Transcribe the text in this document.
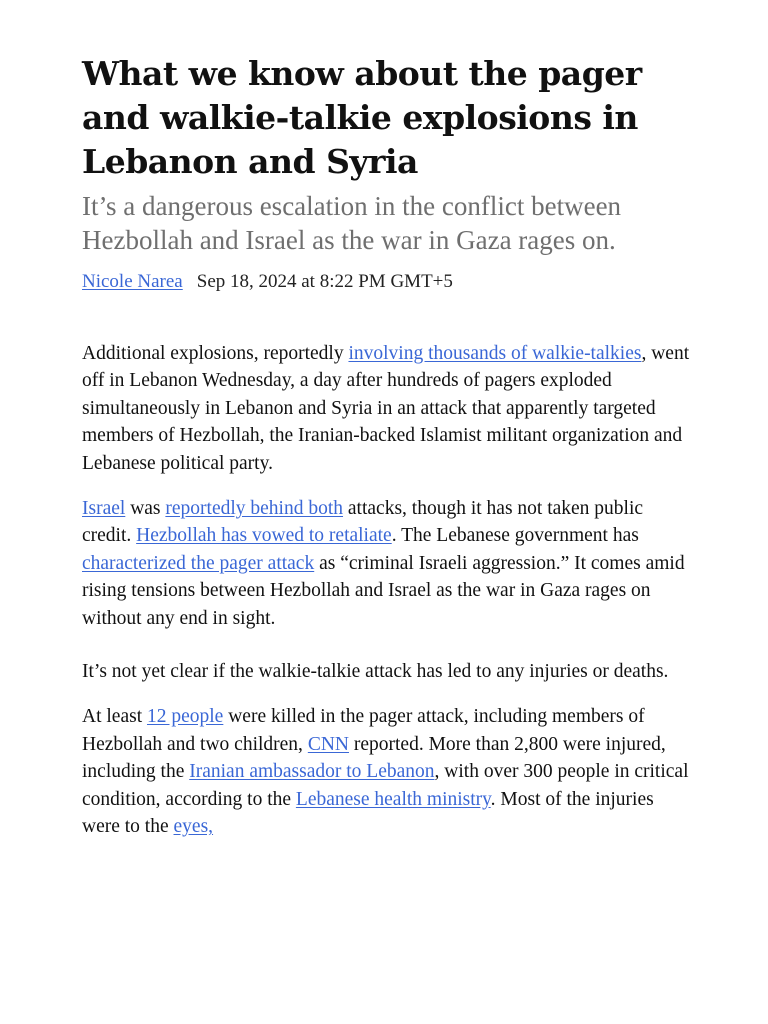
What we know about the pager and walkie-talkie explosions in Lebanon and Syria

It’s a dangerous escalation in the conflict between Hezbollah and Israel as the war in Gaza rages on.

Nicole Narea Sep 18, 2024 at 8:22 PM GMT+5

Additional explosions, reportedly involving thousands of walkie-talkies, went off in Lebanon Wednesday, a day after hundreds of pagers exploded simultaneously in Lebanon and Syria in an attack that apparently targeted members of Hezbollah, the Iranian-backed Islamist militant organization and Lebanese political party.

Israel was reportedly behind both attacks, though it has not taken public credit. Hezbollah has vowed to retaliate. The Lebanese government has characterized the pager attack as “criminal Israeli aggression.” It comes amid rising tensions between Hezbollah and Israel as the war in Gaza rages on without any end in sight.

It’s not yet clear if the walkie-talkie attack has led to any injuries or deaths.

At least 12 people were killed in the pager attack, including members of Hezbollah and two children, CNN reported. More than 2,800 were injured, including the Iranian ambassador to Lebanon, with over 300 people in critical condition, according to the Lebanese health ministry. Most of the injuries were to the eyes,
